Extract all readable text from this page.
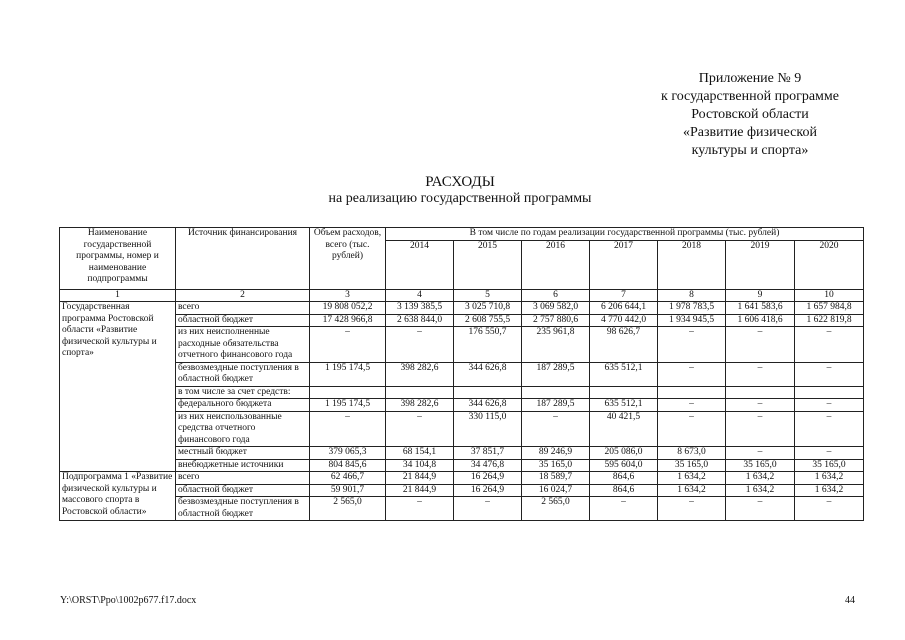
Приложение № 9
к государственной программе
Ростовской области
«Развитие физической
культуры и спорта»
РАСХОДЫ
на реализацию государственной программы
Наименование государственной программы, номер и наименование подпрограммы	Источник финансирования	Объем расходов, всего (тыс. рублей)	В том числе по годам реализации государственной программы (тыс. рублей)						
			2014	2015	2016	2017	2018	2019	2020
1	2	3	4	5	6	7	8	9	10
Государственная программа Ростовской области «Развитие физической культуры и спорта»	всего	19 808 052,2	3 139 385,5	3 025 710,8	3 069 582,0	6 206 644,1	1 978 783,5	1 641 583,6	1 657 984,8
	областной бюджет	17 428 966,8	2 638 844,0	2 608 755,5	2 757 880,6	4 770 442,0	1 934 945,5	1 606 418,6	1 622 819,8
	из них неисполненные расходные обязательства отчетного финансового года	–	–	176 550,7	235 961,8	98 626,7	–	–	–
	безвозмездные поступления в областной бюджет	1 195 174,5	398 282,6	344 626,8	187 289,5	635 512,1	–	–	–
	в том числе за счет средств:								
	федерального бюджета	1 195 174,5	398 282,6	344 626,8	187 289,5	635 512,1	–	–	–
	из них неиспользованные средства отчетного финансового года	–	–	330 115,0	–	40 421,5	–	–	–
	местный бюджет	379 065,3	68 154,1	37 851,7	89 246,9	205 086,0	8 673,0	–	–
	внебюджетные источники	804 845,6	34 104,8	34 476,8	35 165,0	595 604,0	35 165,0	35 165,0	35 165,0
Подпрограмма 1 «Развитие физической культуры и массового спорта в Ростовской области»	всего	62 466,7	21 844,9	16 264,9	18 589,7	864,6	1 634,2	1 634,2	1 634,2
	областной бюджет	59 901,7	21 844,9	16 264,9	16 024,7	864,6	1 634,2	1 634,2	1 634,2
	безвозмездные поступления в областной бюджет	2 565,0	–	–	2 565,0	–	–	–	–
Y:\ORST\Ppo\1002p677.f17.docx	44
